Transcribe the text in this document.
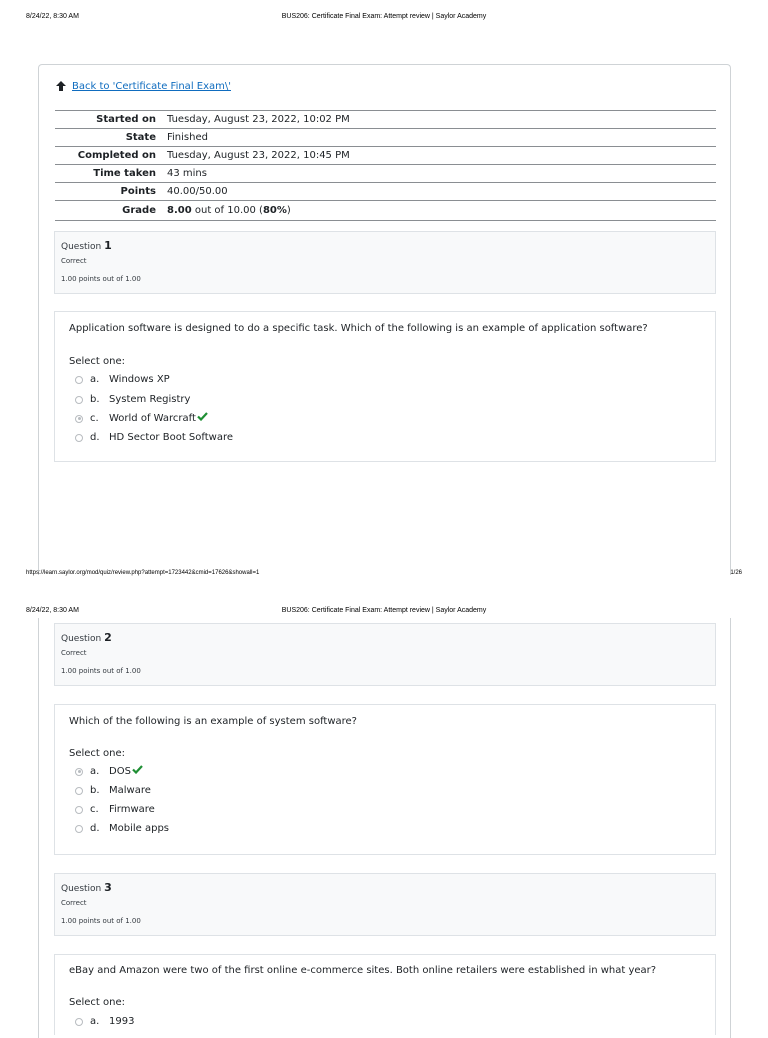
8/24/22, 8:30 AM	BUS206: Certificate Final Exam: Attempt review | Saylor Academy
Back to 'Certificate Final Exam\'
Started on	Tuesday, August 23, 2022, 10:02 PM
State	Finished
Completed on	Tuesday, August 23, 2022, 10:45 PM
Time taken	43 mins
Points	40.00/50.00
Grade	8.00 out of 10.00 (80%)
Question 1
Correct
1.00 points out of 1.00
Application software is designed to do a specific task. Which of the following is an example of application software?
Select one:
a. Windows XP
b. System Registry
c.	World of Warcraft
d. HD Sector Boot Software
https://learn.saylor.org/mod/quiz/review.php?attempt=1723442&cmid=17626&showall=1	1/26
8/24/22, 8:30 AM	BUS206: Certificate Final Exam: Attempt review | Saylor Academy
Question 2
Correct
1.00 points out of 1.00
Which of the following is an example of system software?
Select one:
a. DOS
b. Malware
c.	Firmware
d. Mobile apps
Question 3
Correct
1.00 points out of 1.00
eBay and Amazon were two of the first online e-commerce sites. Both online retailers were established in what year?
Select one:
a. 1993
